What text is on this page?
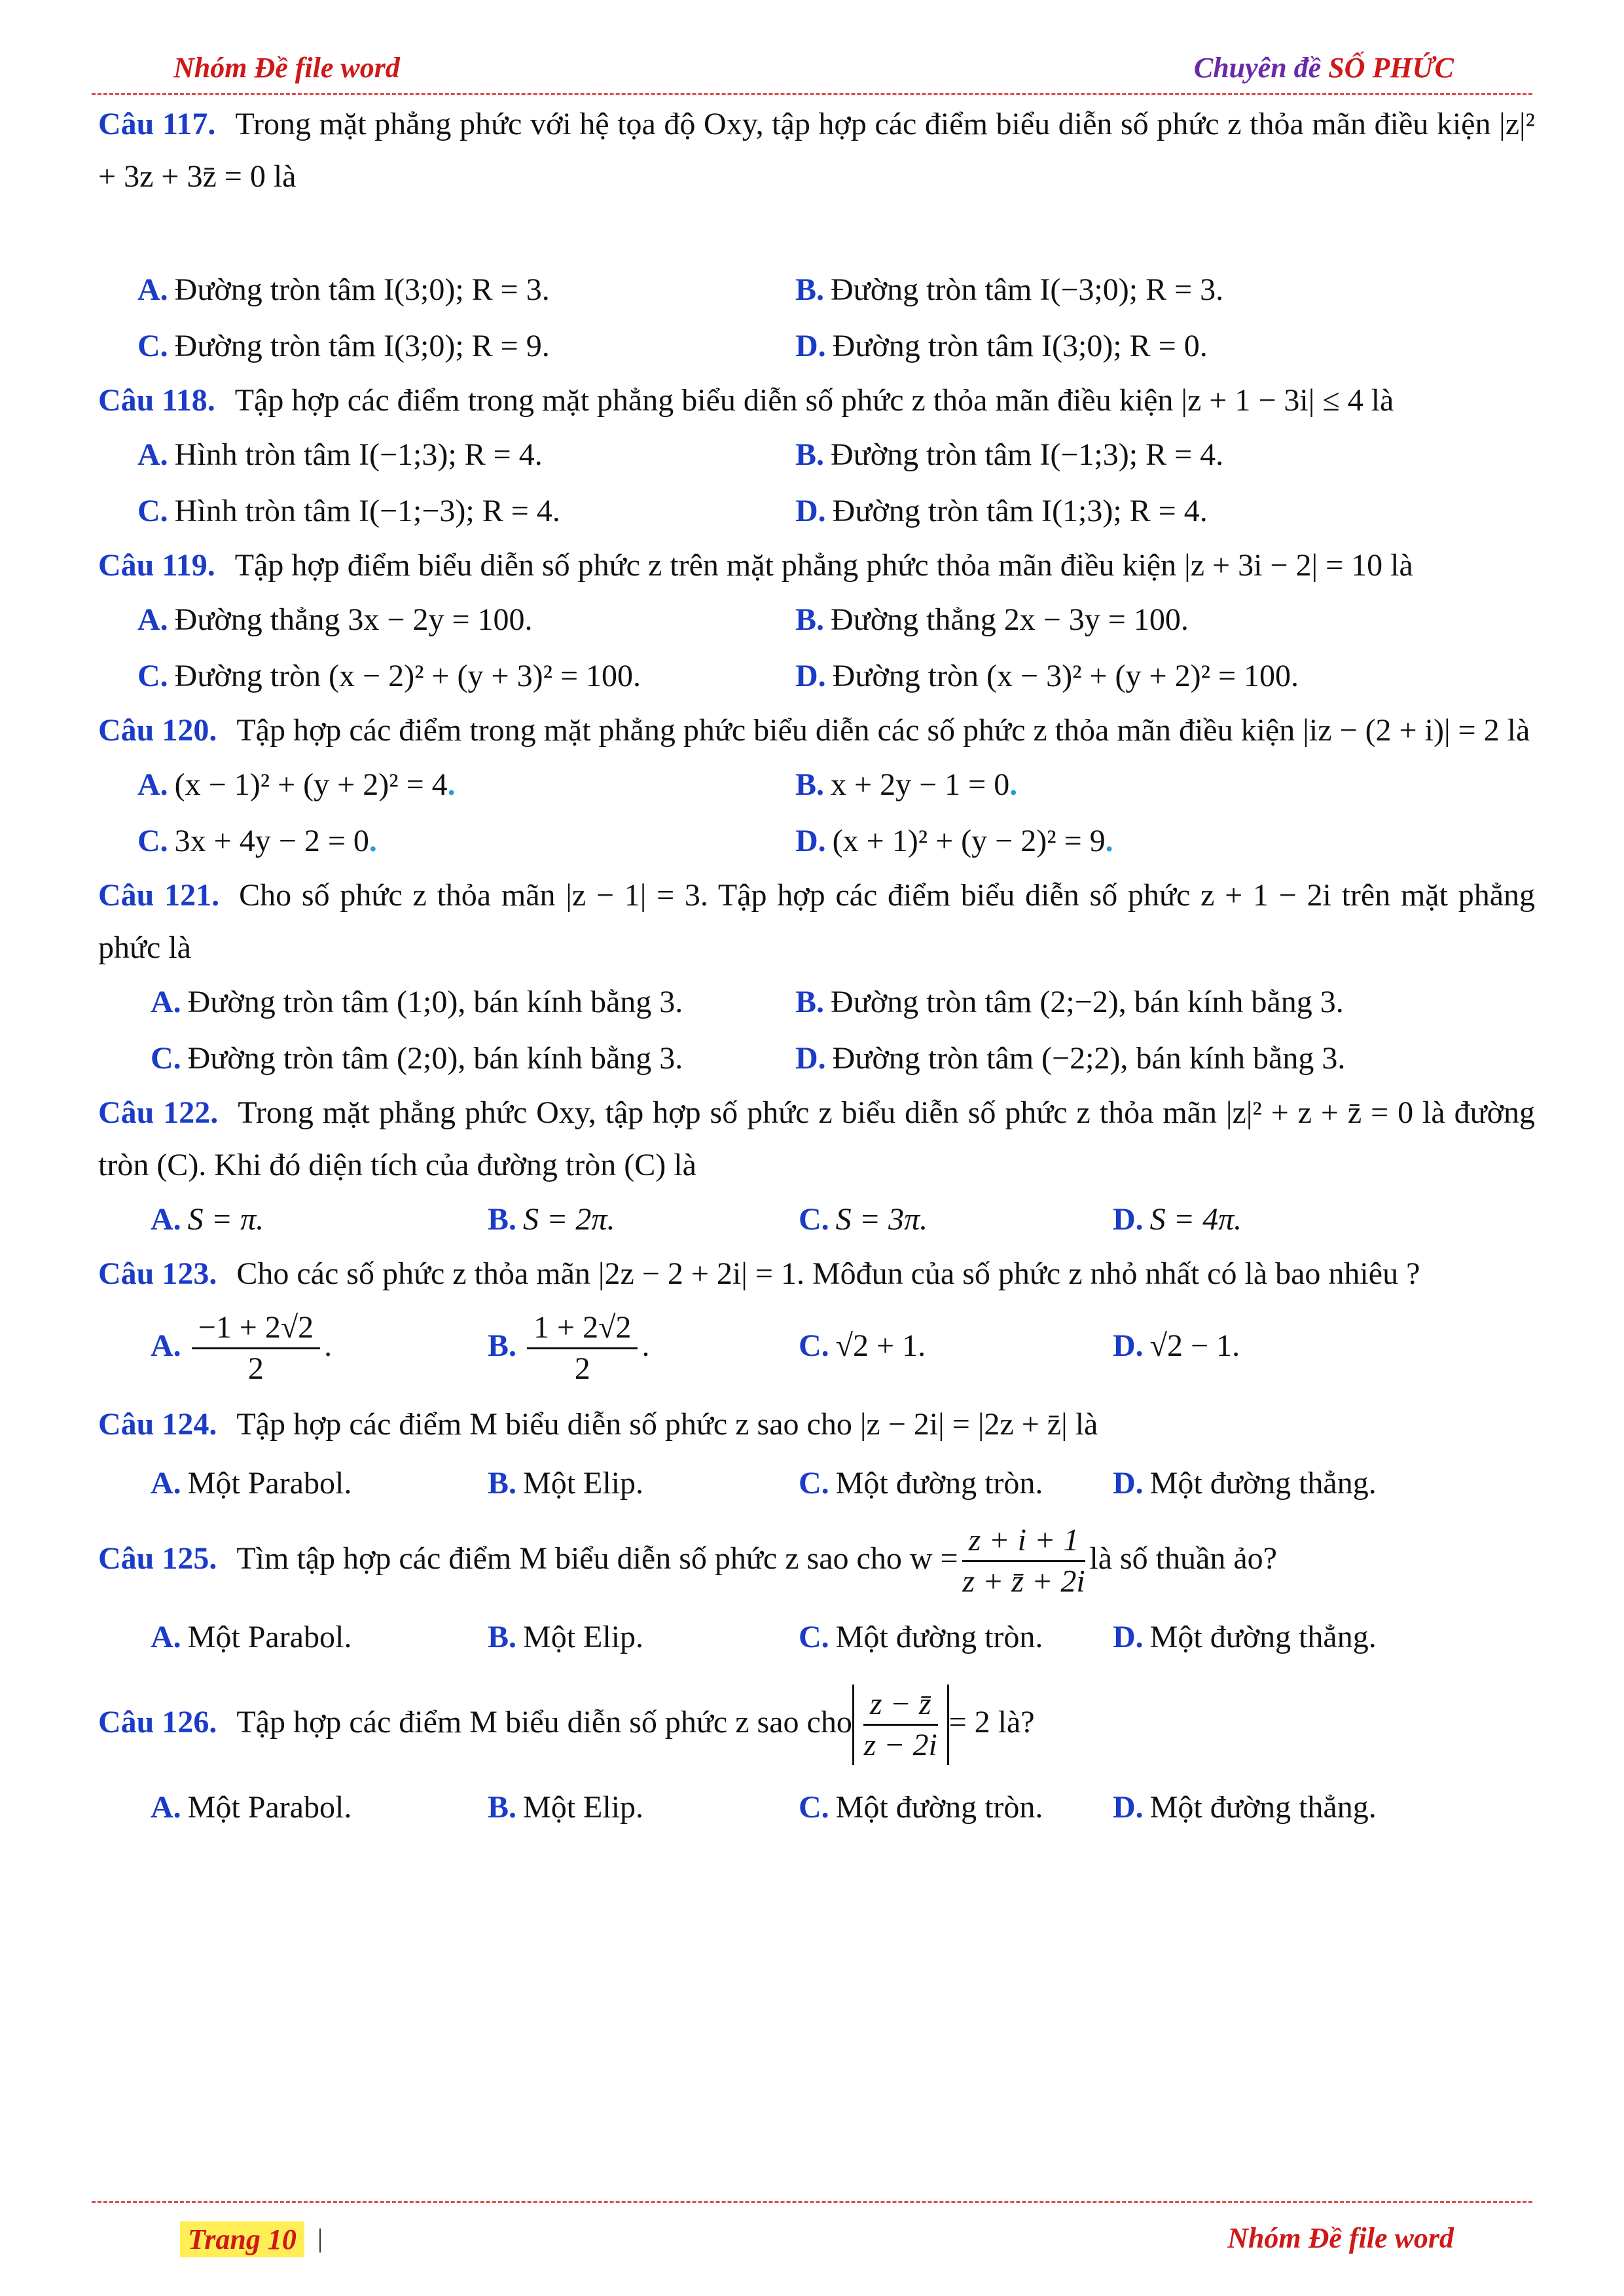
Nhóm Đề file word	Chuyên đề SỐ PHỨC
Câu 117. Trong mặt phẳng phức với hệ tọa độ Oxy, tập hợp các điểm biểu diễn số phức z thỏa mãn điều kiện |z|² + 3z + 3z̄ = 0 là
A. Đường tròn tâm I(3;0); R = 3.	B. Đường tròn tâm I(−3;0); R = 3.
C. Đường tròn tâm I(3;0); R = 9.	D. Đường tròn tâm I(3;0); R = 0.
Câu 118. Tập hợp các điểm trong mặt phẳng biểu diễn số phức z thỏa mãn điều kiện |z + 1 − 3i| ≤ 4 là
A. Hình tròn tâm I(−1;3); R = 4.	B. Đường tròn tâm I(−1;3); R = 4.
C. Hình tròn tâm I(−1;−3); R = 4.	D. Đường tròn tâm I(1;3); R = 4.
Câu 119. Tập hợp điểm biểu diễn số phức z trên mặt phẳng phức thỏa mãn điều kiện |z + 3i − 2| = 10 là
A. Đường thẳng 3x − 2y = 100.	B. Đường thẳng 2x − 3y = 100.
C. Đường tròn (x − 2)² + (y + 3)² = 100.	D. Đường tròn (x − 3)² + (y + 2)² = 100.
Câu 120. Tập hợp các điểm trong mặt phẳng phức biểu diễn các số phức z thỏa mãn điều kiện |iz − (2 + i)| = 2 là
A. (x − 1)² + (y + 2)² = 4.	B. x + 2y − 1 = 0.
C. 3x + 4y − 2 = 0.	D. (x + 1)² + (y − 2)² = 9.
Câu 121. Cho số phức z thỏa mãn |z − 1| = 3. Tập hợp các điểm biểu diễn số phức z + 1 − 2i trên mặt phẳng phức là
A. Đường tròn tâm (1;0), bán kính bằng 3.	B. Đường tròn tâm (2;−2), bán kính bằng 3.
C. Đường tròn tâm (2;0), bán kính bằng 3.	D. Đường tròn tâm (−2;2), bán kính bằng 3.
Câu 122. Trong mặt phẳng phức Oxy, tập hợp số phức z biểu diễn số phức z thỏa mãn |z|² + z + z̄ = 0 là đường tròn (C). Khi đó diện tích của đường tròn (C) là
A. S = π.	B. S = 2π.	C. S = 3π.	D. S = 4π.
Câu 123. Cho các số phức z thỏa mãn |2z − 2 + 2i| = 1. Môđun của số phức z nhỏ nhất có là bao nhiêu ?
A. $\frac{-1 + 2√2}{2}$ .	B. $\frac{1 + 2√2}{2}$ .	C. √2 + 1.	D. √2 − 1.
Câu 124. Tập hợp các điểm M biểu diễn số phức z sao cho |z − 2i| = |2z + z̄| là
A. Một Parabol.	B. Một Elip.	C. Một đường tròn. D. Một đường thẳng.
Câu 125. Tìm tập hợp các điểm M biểu diễn số phức z sao cho $w = \frac{z + i + 1}{z + z̄ + 2i}$ là số thuần ảo?
A. Một Parabol.	B. Một Elip.	C. Một đường tròn. D. Một đường thẳng.
Câu 126. Tập hợp các điểm M biểu diễn số phức z sao cho $\frac{z - z̄}{z - 2i} = 2$ là?
A. Một Parabol.	B. Một Elip.	C. Một đường tròn. D. Một đường thẳng.
Trang 10 |	Nhóm Đề file word
